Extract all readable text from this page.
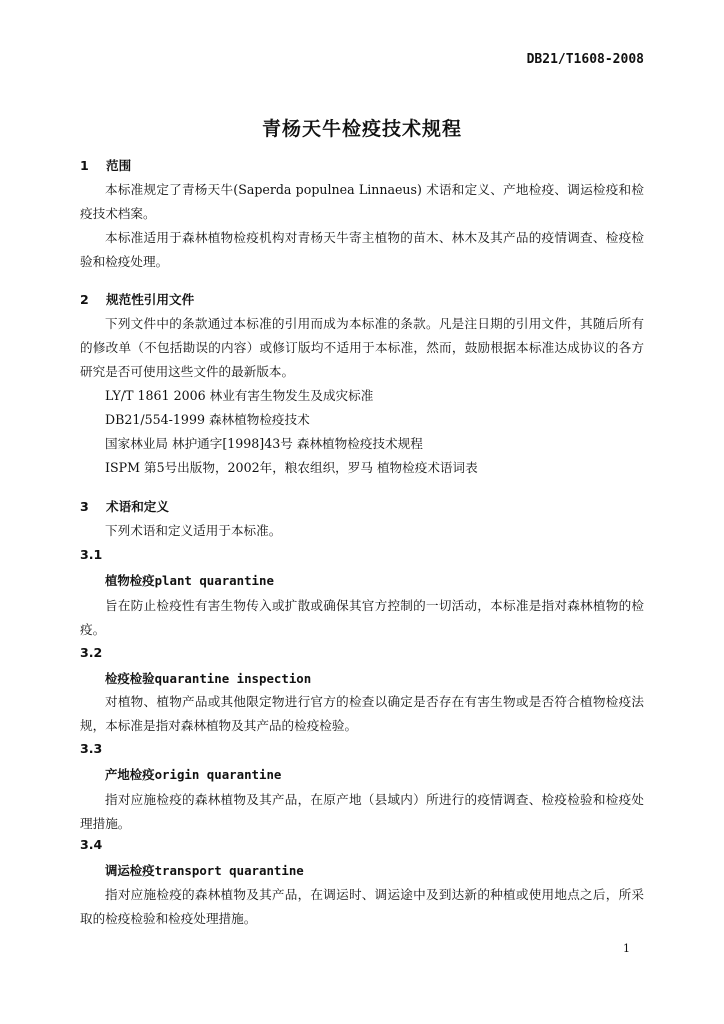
DB21/T1608-2008
青杨天牛检疫技术规程
1 范围

本标准规定了青杨天牛(Saperda populnea Linnaeus) 术语和定义、产地检疫、调运检疫和检疫技术档案。

本标准适用于森林植物检疫机构对青杨天牛寄主植物的苗木、林木及其产品的疫情调查、检疫检验和检疫处理。

2 规范性引用文件

下列文件中的条款通过本标准的引用而成为本标准的条款。凡是注日期的引用文件，其随后所有的修改单（不包括勘误的内容）或修订版均不适用于本标准，然而，鼓励根据本标准达成协议的各方研究是否可使用这些文件的最新版本。

LY/T 1861 2006 林业有害生物发生及成灾标准
DB21/554-1999 森林植物检疫技术
国家林业局 林护通字[1998]43号 森林植物检疫技术规程
ISPM 第5号出版物，2002年，粮农组织，罗马 植物检疫术语词表
3 术语和定义

下列术语和定义适用于本标准。

3.1
植物检疫plant quarantine

旨在防止检疫性有害生物传入或扩散或确保其官方控制的一切活动，本标准是指对森林植物的检疫。

3.2
检疫检验quarantine inspection

对植物、植物产品或其他限定物进行官方的检查以确定是否存在有害生物或是否符合植物检疫法规，本标准是指对森林植物及其产品的检疫检验。

3.3
产地检疫origin quarantine

指对应施检疫的森林植物及其产品，在原产地（县域内）所进行的疫情调查、检疫检验和检疫处理措施。

3.4
调运检疫transport quarantine

指对应施检疫的森林植物及其产品，在调运时、调运途中及到达新的种植或使用地点之后，所采取的检疫检验和检疫处理措施。

1
